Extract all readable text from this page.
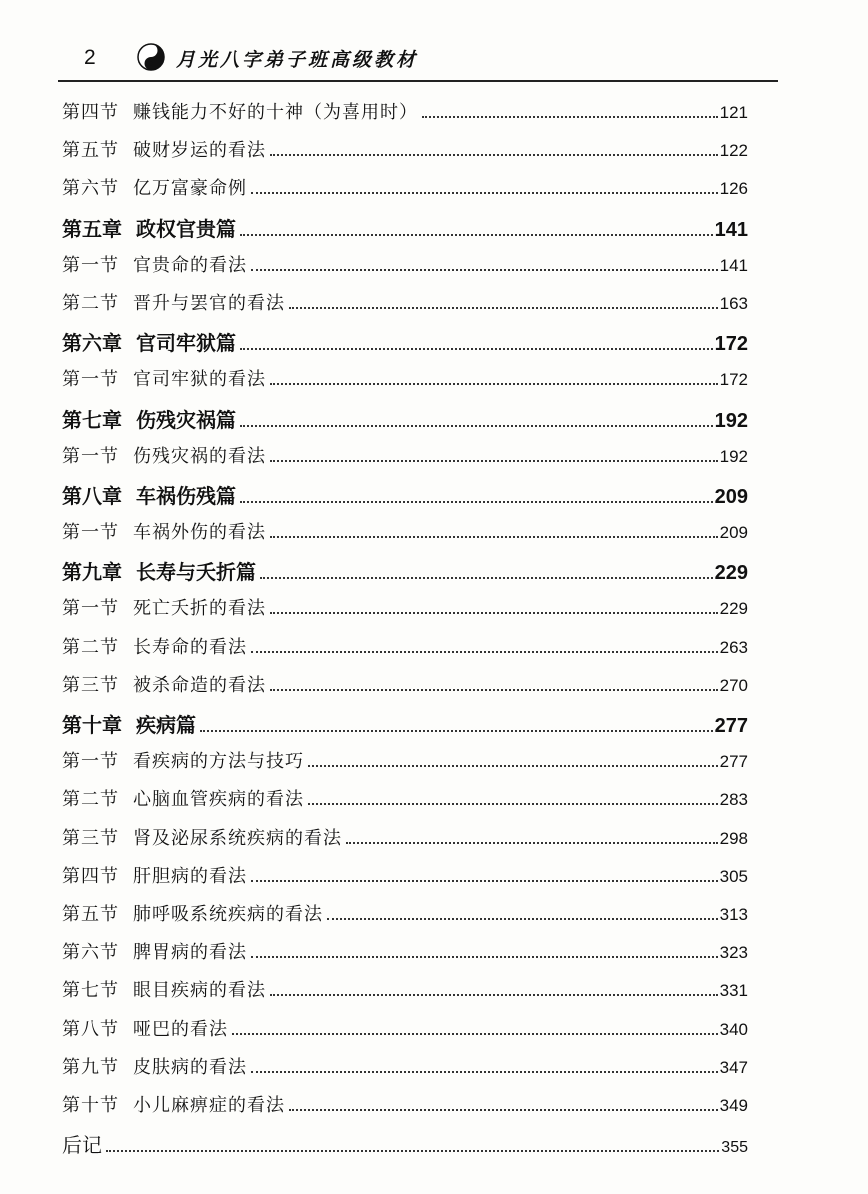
2	月光八字弟子班高级教材
第四节 赚钱能力不好的十神（为喜用时）	121
第五节 破财岁运的看法	122
第六节 亿万富豪命例	126
第五章 政权官贵篇	141
第一节 官贵命的看法	141
第二节 晋升与罢官的看法	163
第六章 官司牢狱篇	172
第一节 官司牢狱的看法	172
第七章 伤残灾祸篇	192
第一节 伤残灾祸的看法	192
第八章 车祸伤残篇	209
第一节 车祸外伤的看法	209
第九章 长寿与夭折篇	229
第一节 死亡夭折的看法	229
第二节 长寿命的看法	263
第三节 被杀命造的看法	270
第十章 疾病篇	277
第一节 看疾病的方法与技巧	277
第二节 心脑血管疾病的看法	283
第三节 肾及泌尿系统疾病的看法	298
第四节 肝胆病的看法	305
第五节 肺呼吸系统疾病的看法	313
第六节 脾胃病的看法	323
第七节 眼目疾病的看法	331
第八节 哑巴的看法	340
第九节 皮肤病的看法	347
第十节 小儿麻痹症的看法	349
后记	355
